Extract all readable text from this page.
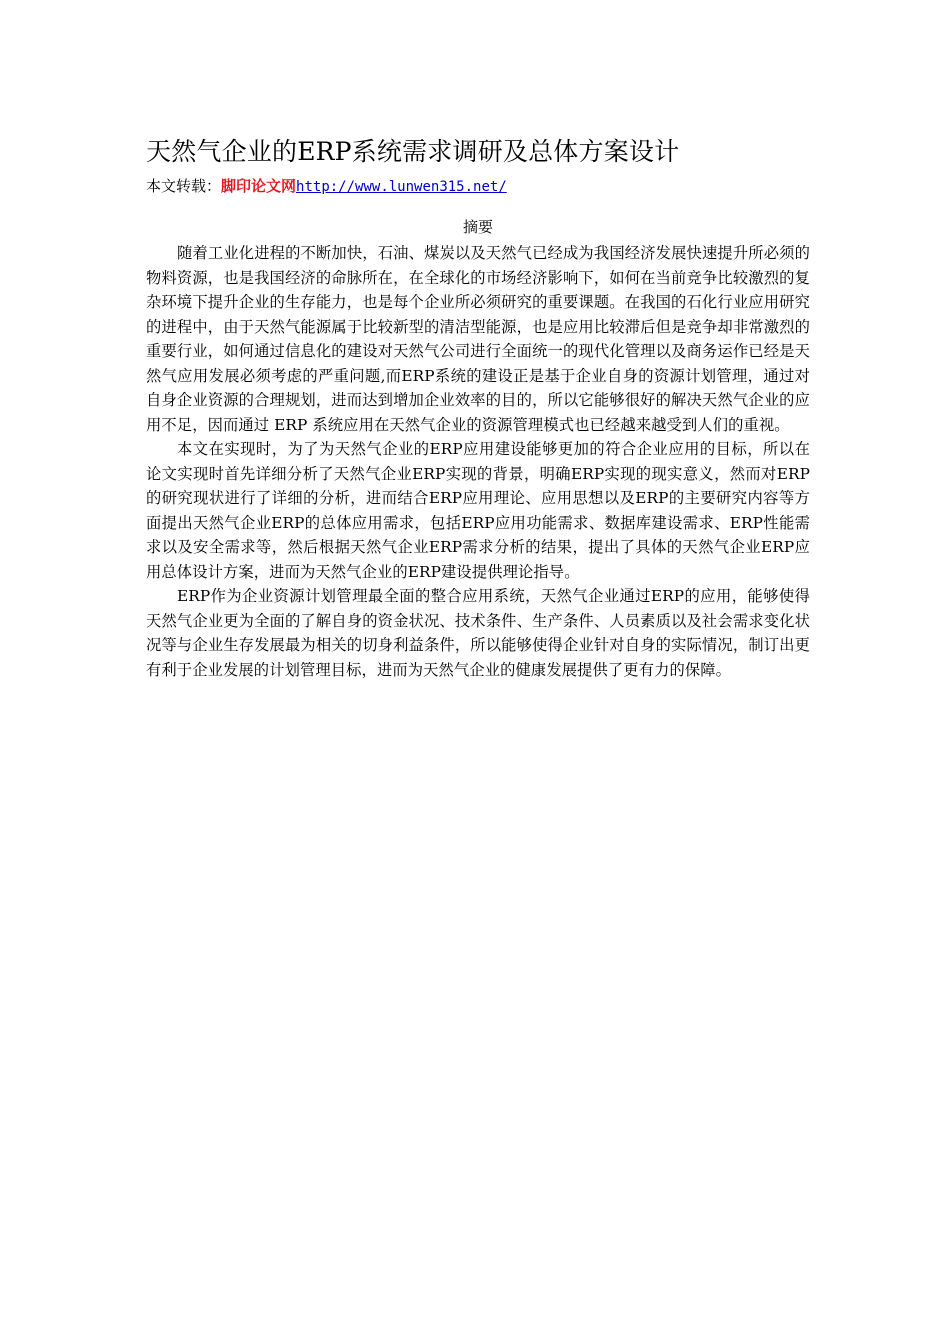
天然气企业的ERP系统需求调研及总体方案设计
本文转载：脚印论文网http://www.lunwen315.net/
摘要

随着工业化进程的不断加快，石油、煤炭以及天然气已经成为我国经济发展快速提升所必须的物料资源，也是我国经济的命脉所在，在全球化的市场经济影响下，如何在当前竞争比较激烈的复杂环境下提升企业的生存能力，也是每个企业所必须研究的重要课题。在我国的石化行业应用研究的进程中，由于天然气能源属于比较新型的清洁型能源，也是应用比较滞后但是竞争却非常激烈的重要行业，如何通过信息化的建设对天然气公司进行全面统一的现代化管理以及商务运作已经是天然气应用发展必须考虑的严重问题,而ERP系统的建设正是基于企业自身的资源计划管理，通过对自身企业资源的合理规划，进而达到增加企业效率的目的，所以它能够很好的解决天然气企业的应用不足，因而通过 ERP 系统应用在天然气企业的资源管理模式也已经越来越受到人们的重视。

本文在实现时，为了为天然气企业的ERP应用建设能够更加的符合企业应用的目标，所以在论文实现时首先详细分析了天然气企业ERP实现的背景，明确ERP实现的现实意义，然而对ERP的研究现状进行了详细的分析，进而结合ERP应用理论、应用思想以及ERP的主要研究内容等方面提出天然气企业ERP的总体应用需求，包括ERP应用功能需求、数据库建设需求、ERP性能需求以及安全需求等，然后根据天然气企业ERP需求分析的结果，提出了具体的天然气企业ERP应用总体设计方案，进而为天然气企业的ERP建设提供理论指导。

ERP作为企业资源计划管理最全面的整合应用系统，天然气企业通过ERP的应用，能够使得天然气企业更为全面的了解自身的资金状况、技术条件、生产条件、人员素质以及社会需求变化状况等与企业生存发展最为相关的切身利益条件，所以能够使得企业针对自身的实际情况，制订出更有利于企业发展的计划管理目标，进而为天然气企业的健康发展提供了更有力的保障。
